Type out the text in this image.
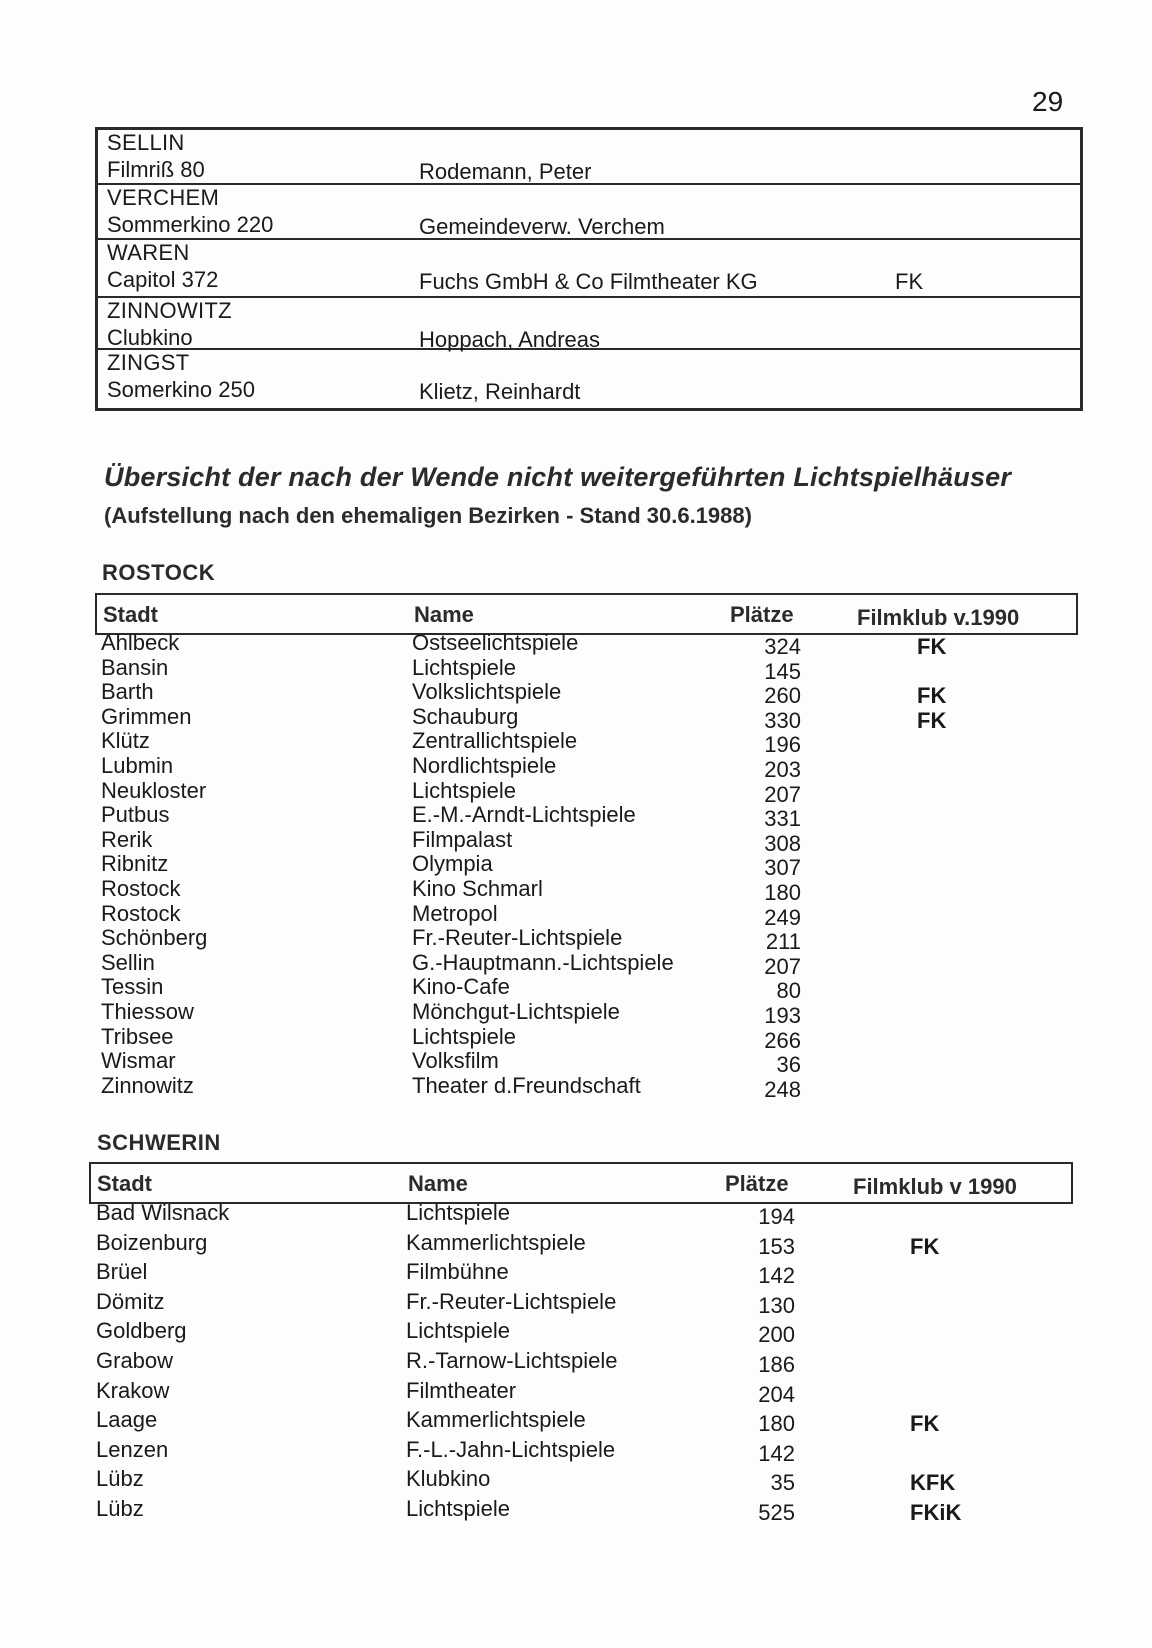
29
SELLIN
Filmriß 80	Rodemann, Peter
VERCHEM
Sommerkino 220	Gemeindeverw. Verchem
WAREN
Capitol 372	Fuchs GmbH & Co Filmtheater KG	FK
ZINNOWITZ
Clubkino	Hoppach, Andreas
ZINGST
Somerkino 250	Klietz, Reinhardt
Übersicht der nach der Wende nicht weitergeführten Lichtspielhäuser
(Aufstellung nach den ehemaligen Bezirken - Stand 30.6.1988)
ROSTOCK
Stadt	Name	Plätze	Filmklub v.1990
Ahlbeck	Ostseelichtspiele	324	FK
Bansin	Lichtspiele	145
Barth	Volkslichtspiele	260	FK
Grimmen	Schauburg	330	FK
Klütz	Zentrallichtspiele	196
Lubmin	Nordlichtspiele	203
Neukloster	Lichtspiele	207
Putbus	E.-M.-Arndt-Lichtspiele	331
Rerik	Filmpalast	308
Ribnitz	Olympia	307
Rostock	Kino Schmarl	180
Rostock	Metropol	249
Schönberg	Fr.-Reuter-Lichtspiele	211
Sellin	G.-Hauptmann.-Lichtspiele	207
Tessin	Kino-Cafe	80
Thiessow	Mönchgut-Lichtspiele	193
Tribsee	Lichtspiele	266
Wismar	Volksfilm	36
Zinnowitz	Theater d.Freundschaft	248
SCHWERIN
Stadt	Name	Plätze	Filmklub v 1990
Bad Wilsnack	Lichtspiele	194
Boizenburg	Kammerlichtspiele	153	FK
Brüel	Filmbühne	142
Dömitz	Fr.-Reuter-Lichtspiele	130
Goldberg	Lichtspiele	200
Grabow	R.-Tarnow-Lichtspiele	186
Krakow	Filmtheater	204
Laage	Kammerlichtspiele	180	FK
Lenzen	F.-L.-Jahn-Lichtspiele	142
Lübz	Klubkino	35	KFK
Lübz	Lichtspiele	525	FKiK
